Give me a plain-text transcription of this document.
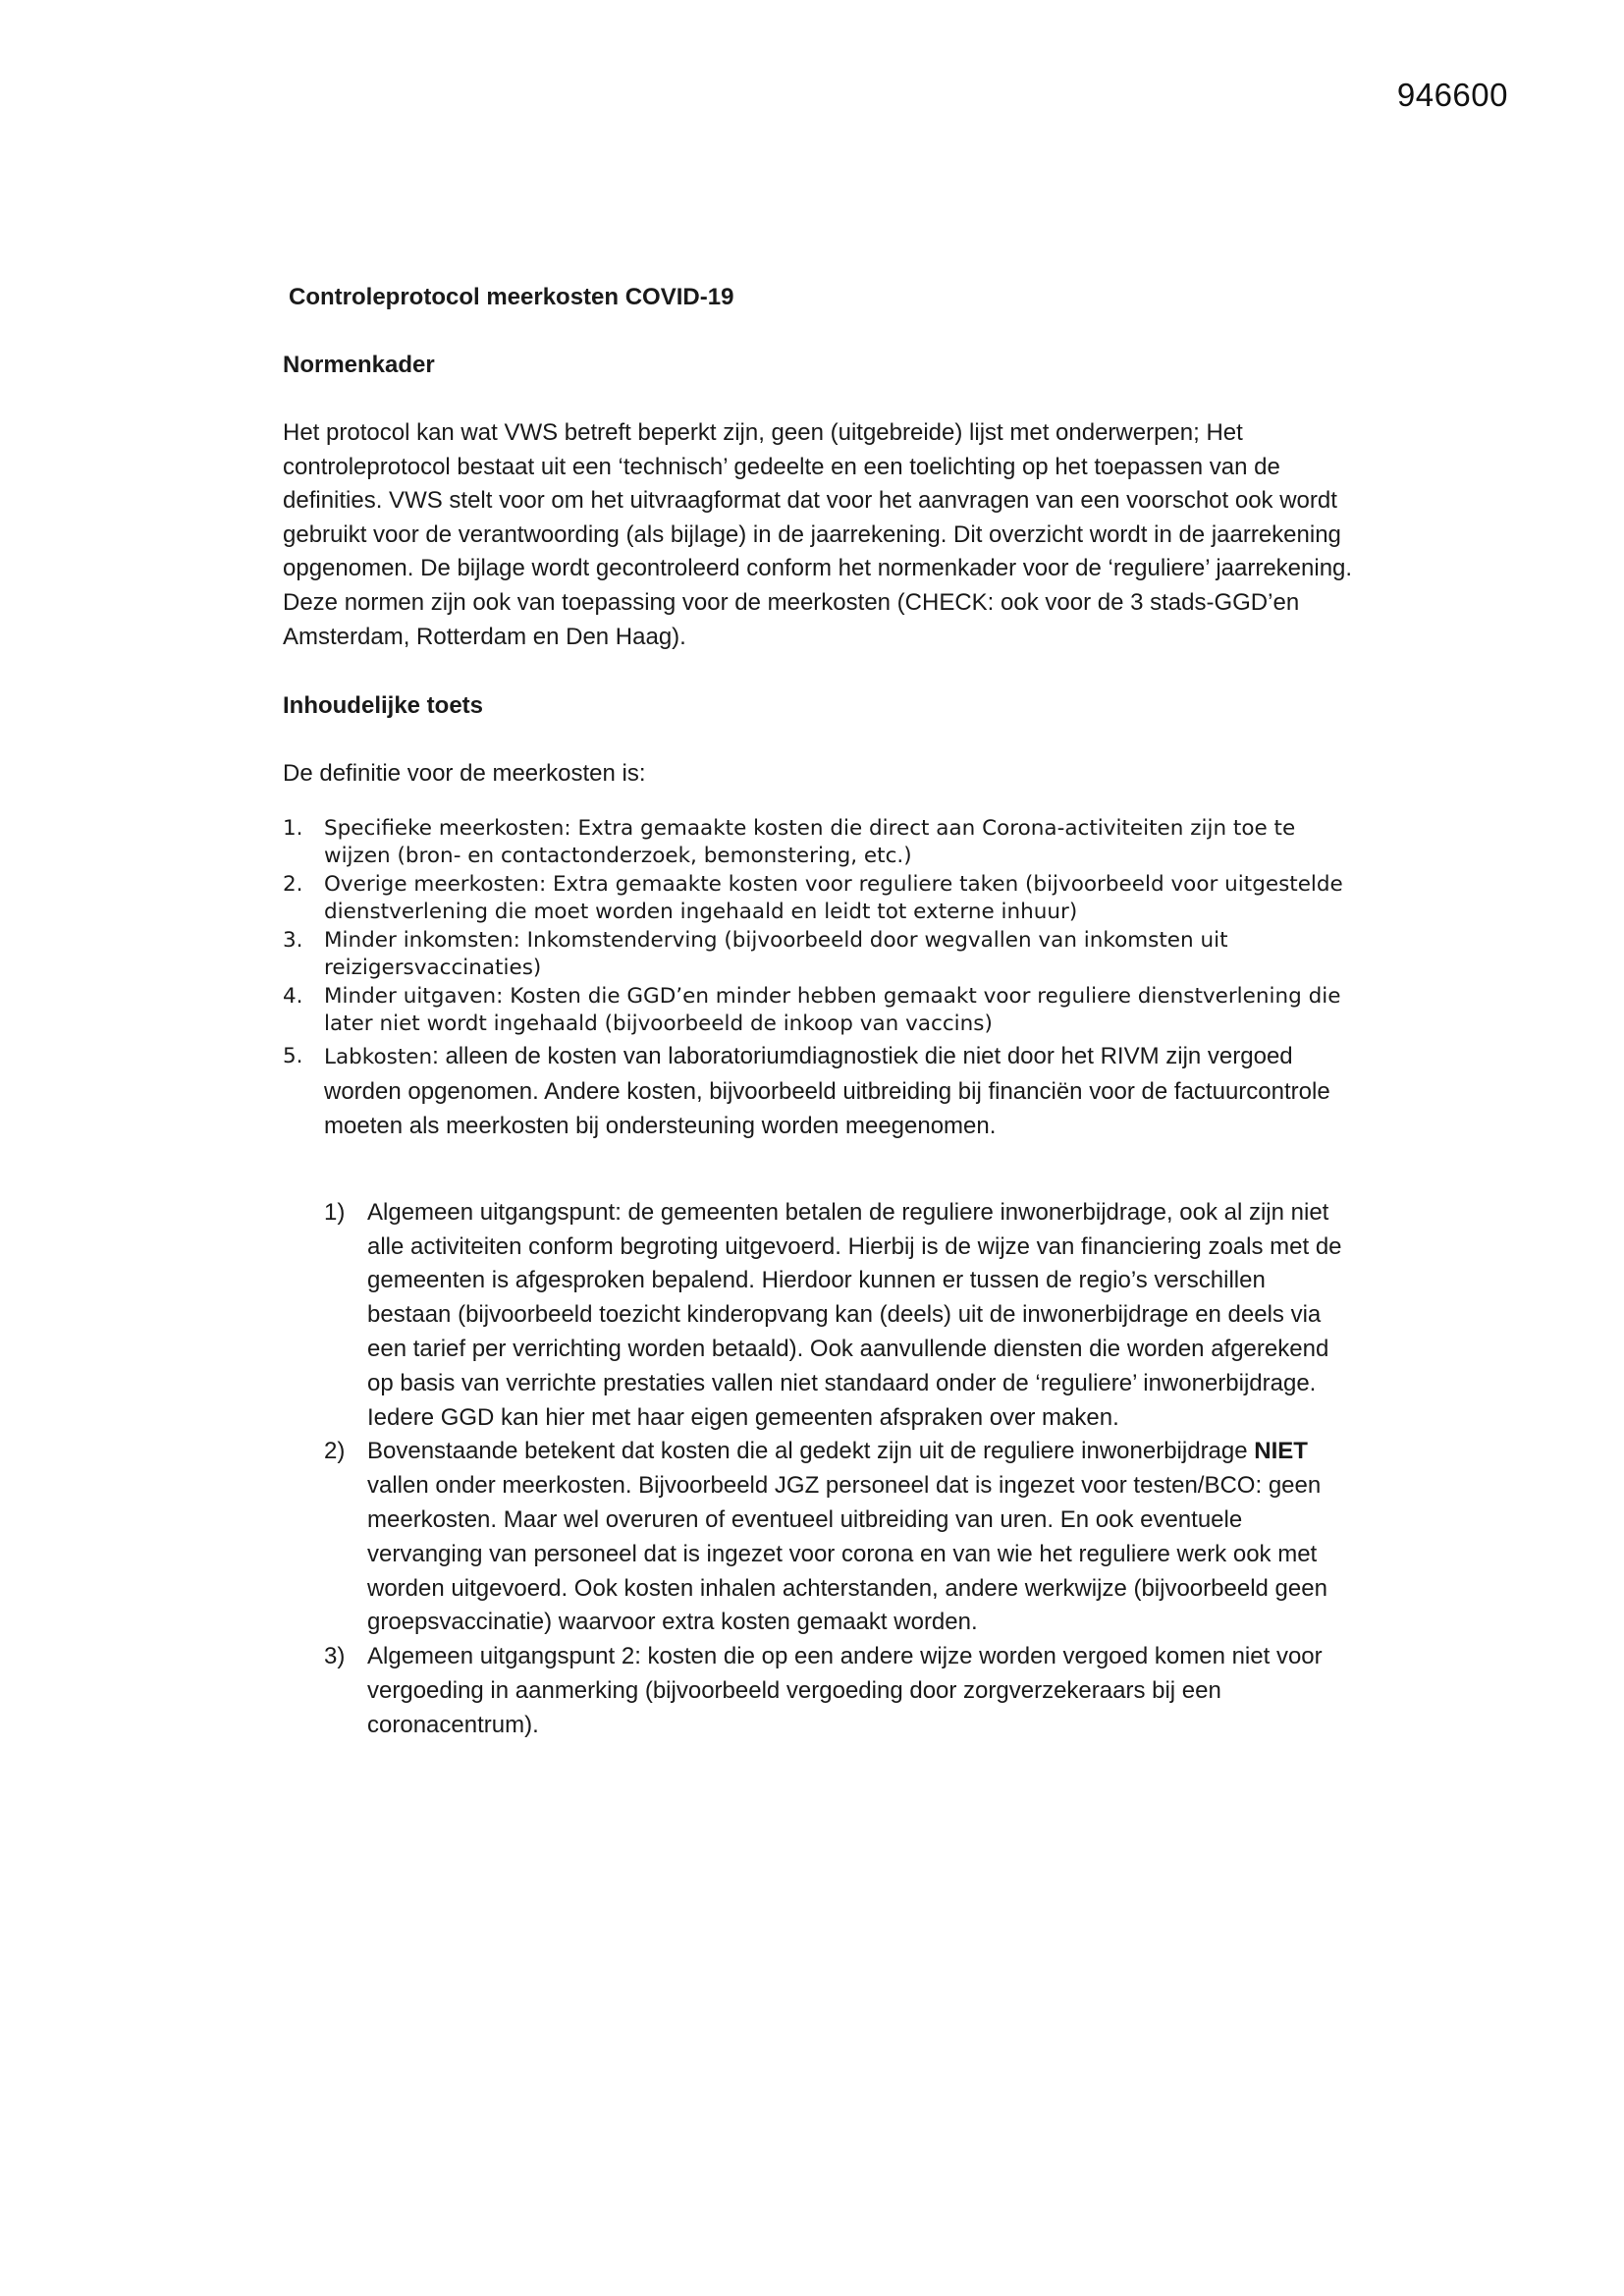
946600

Controleprotocol meerkosten COVID-19

Normenkader

Het protocol kan wat VWS betreft beperkt zijn, geen (uitgebreide) lijst met onderwerpen; Het controleprotocol bestaat uit een ‘technisch’ gedeelte en een toelichting op het toepassen van de definities. VWS stelt voor om het uitvraagformat dat voor het aanvragen van een voorschot ook wordt gebruikt voor de verantwoording (als bijlage) in de jaarrekening. Dit overzicht wordt in de jaarrekening opgenomen. De bijlage wordt gecontroleerd conform het normenkader voor de ‘reguliere’ jaarrekening. Deze normen zijn ook van toepassing voor de meerkosten (CHECK: ook voor de 3 stads-GGD’en Amsterdam, Rotterdam en Den Haag).

Inhoudelijke toets

De definitie voor de meerkosten is:

1. Specifieke meerkosten: Extra gemaakte kosten die direct aan Corona-activiteiten zijn toe te wijzen (bron- en contactonderzoek, bemonstering, etc.)
2. Overige meerkosten: Extra gemaakte kosten voor reguliere taken (bijvoorbeeld voor uitgestelde dienstverlening die moet worden ingehaald en leidt tot externe inhuur)
3. Minder inkomsten: Inkomstenderving (bijvoorbeeld door wegvallen van inkomsten uit reizigersvaccinaties)
4. Minder uitgaven: Kosten die GGD’en minder hebben gemaakt voor reguliere dienstverlening die later niet wordt ingehaald (bijvoorbeeld de inkoop van vaccins)
5. Labkosten: alleen de kosten van laboratoriumdiagnostiek die niet door het RIVM zijn vergoed worden opgenomen. Andere kosten, bijvoorbeeld uitbreiding bij financiën voor de factuurcontrole moeten als meerkosten bij ondersteuning worden meegenomen.
1) Algemeen uitgangspunt: de gemeenten betalen de reguliere inwonerbijdrage, ook al zijn niet alle activiteiten conform begroting uitgevoerd. Hierbij is de wijze van financiering zoals met de gemeenten is afgesproken bepalend. Hierdoor kunnen er tussen de regio’s verschillen bestaan (bijvoorbeeld toezicht kinderopvang kan (deels) uit de inwonerbijdrage en deels via een tarief per verrichting worden betaald). Ook aanvullende diensten die worden afgerekend op basis van verrichte prestaties vallen niet standaard onder de ‘reguliere’ inwonerbijdrage. Iedere GGD kan hier met haar eigen gemeenten afspraken over maken.
2) Bovenstaande betekent dat kosten die al gedekt zijn uit de reguliere inwonerbijdrage NIET vallen onder meerkosten. Bijvoorbeeld JGZ personeel dat is ingezet voor testen/BCO: geen meerkosten. Maar wel overuren of eventueel uitbreiding van uren. En ook eventuele vervanging van personeel dat is ingezet voor corona en van wie het reguliere werk ook met worden uitgevoerd. Ook kosten inhalen achterstanden, andere werkwijze (bijvoorbeeld geen groepsvaccinatie) waarvoor extra kosten gemaakt worden.
3) Algemeen uitgangspunt 2: kosten die op een andere wijze worden vergoed komen niet voor vergoeding in aanmerking (bijvoorbeeld vergoeding door zorgverzekeraars bij een coronacentrum).
